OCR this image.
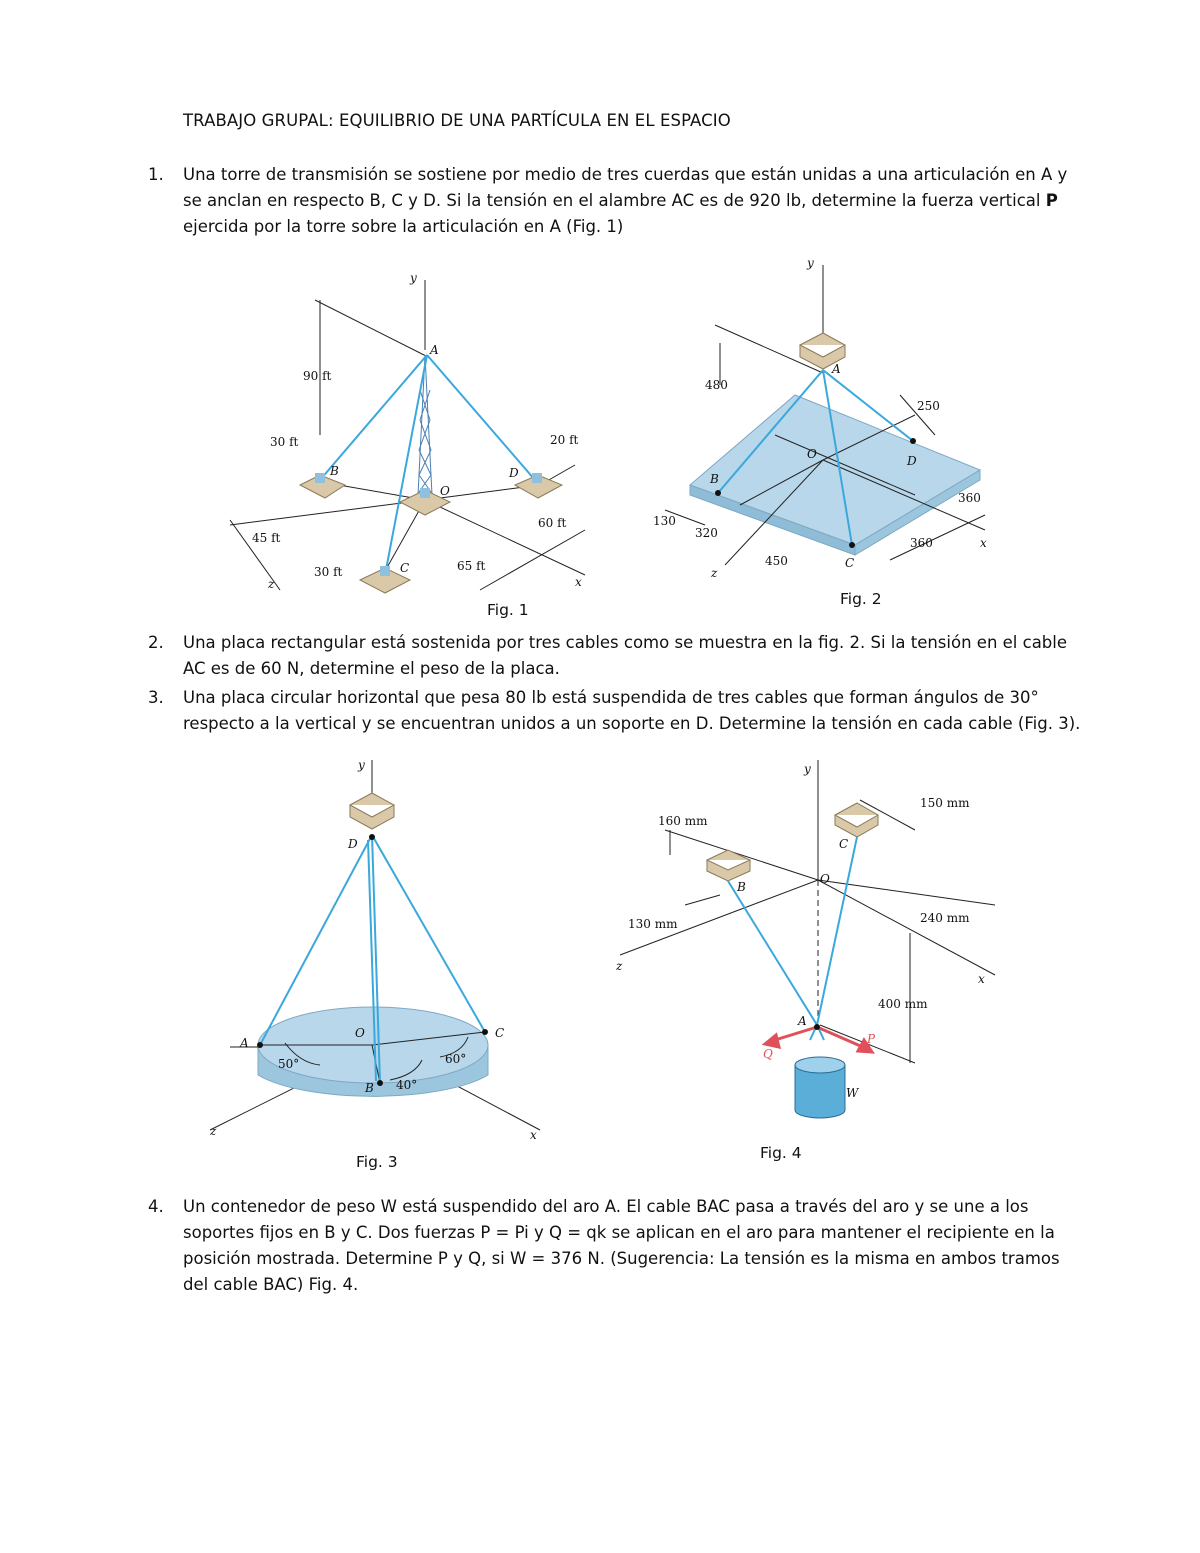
TRABAJO GRUPAL: EQUILIBRIO DE UNA PARTÍCULA EN EL ESPACIO
1. Una torre de transmisión se sostiene por medio de tres cuerdas que están unidas a una articulación en A y se anclan en respecto B, C y D. Si la tensión en el alambre AC es de 920 lb, determine la fuerza vertical P ejercida por la torre sobre la articulación en A (Fig. 1)
y
A
B
C
D
O
z	x
90 ft
30 ft	20 ft
60 ft
45 ft
30 ft	65 ft
Fig. 1
y
A
B
C
D
O
z
x
480
250
360
360
130
320
450
Fig. 2
2. Una placa rectangular está sostenida por tres cables como se muestra en la fig. 2. Si la tensión en el cable AC es de 60 N, determine el peso de la placa.
3. Una placa circular horizontal que pesa 80 lb está suspendida de tres cables que forman ángulos de 30° respecto a la vertical y se encuentran unidos a un soporte en D. Determine la tensión en cada cable (Fig. 3).
y
D
A
B
C
O
z	x
50°
40°
60°
Fig. 3
y
B
C
O
A
P
Q
W
z
x
150 mm
160 mm
130 mm	240 mm
400 mm
Fig. 4
4. Un contenedor de peso W está suspendido del aro A. El cable BAC pasa a través del aro y se une a los soportes fijos en B y C. Dos fuerzas P = Pi y Q = qk se aplican en el aro para mantener el recipiente en la posición mostrada. Determine P y Q, si W = 376 N. (Sugerencia: La tensión es la misma en ambos tramos del cable BAC) Fig. 4.
